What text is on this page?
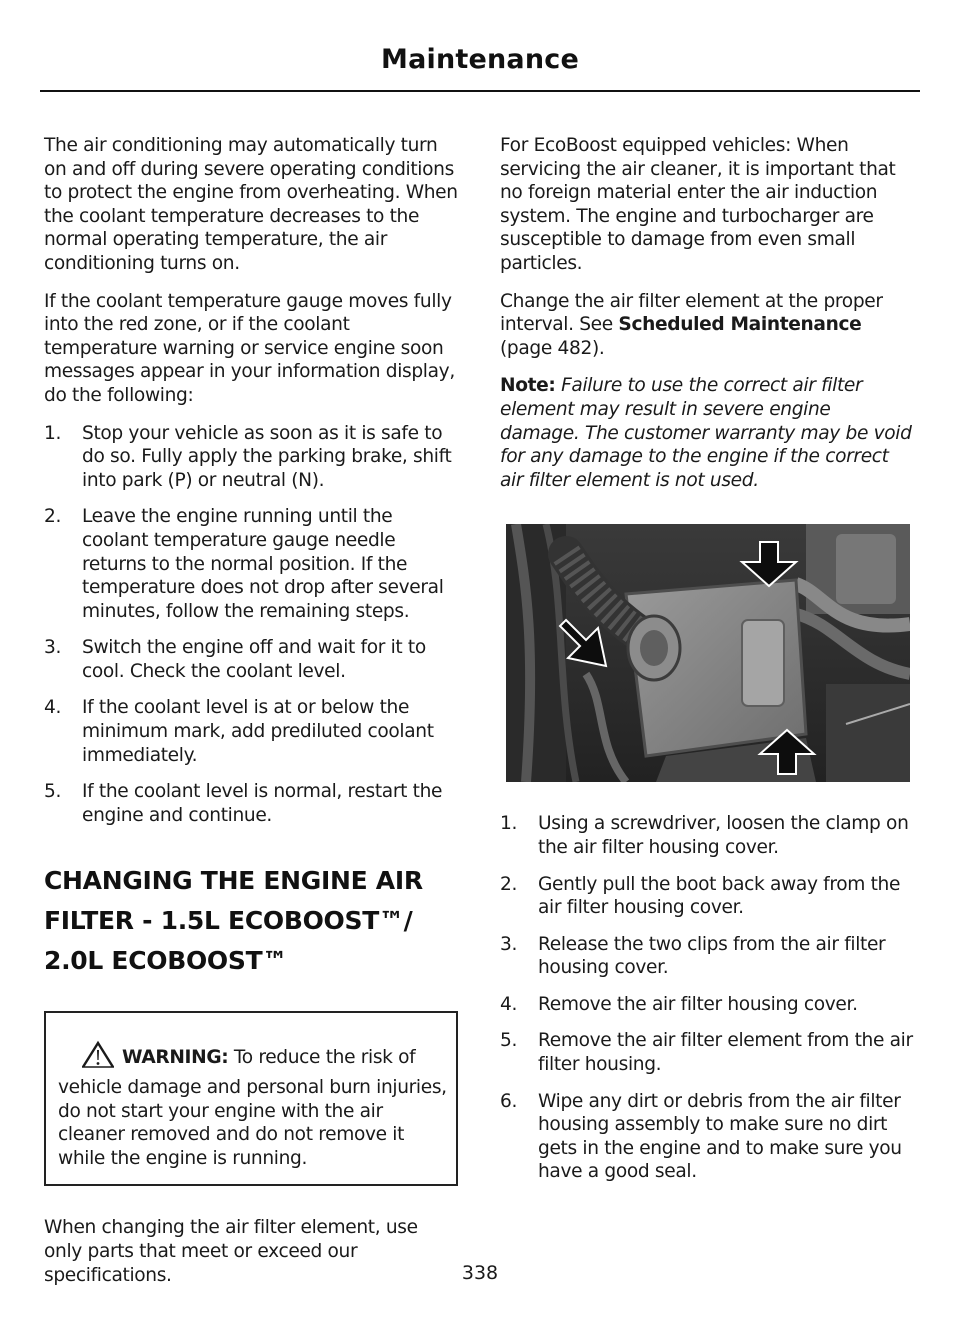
Maintenance

The air conditioning may automatically turn on and off during severe operating conditions to protect the engine from overheating. When the coolant temperature decreases to the normal operating temperature, the air conditioning turns on.

If the coolant temperature gauge moves fully into the red zone, or if the coolant temperature warning or service engine soon messages appear in your information display, do the following:

1. Stop your vehicle as soon as it is safe to do so. Fully apply the parking brake, shift into park (P) or neutral (N).
2. Leave the engine running until the coolant temperature gauge needle returns to the normal position. If the temperature does not drop after several minutes, follow the remaining steps.
3. Switch the engine off and wait for it to cool. Check the coolant level.
4. If the coolant level is at or below the minimum mark, add prediluted coolant immediately.
5. If the coolant level is normal, restart the engine and continue.
CHANGING THE ENGINE AIR FILTER - 1.5L ECOBOOST™/ 2.0L ECOBOOST™
WARNING: To reduce the risk of vehicle damage and personal burn injuries, do not start your engine with the air cleaner removed and do not remove it while the engine is running.

When changing the air filter element, use only parts that meet or exceed our specifications.

For EcoBoost equipped vehicles: When servicing the air cleaner, it is important that no foreign material enter the air induction system. The engine and turbocharger are susceptible to damage from even small particles.

Change the air filter element at the proper interval. See Scheduled Maintenance (page 482).

Note: Failure to use the correct air filter element may result in severe engine damage. The customer warranty may be void for any damage to the engine if the correct air filter element is not used.

1. Using a screwdriver, loosen the clamp on the air filter housing cover.
2. Gently pull the boot back away from the air filter housing cover.
3. Release the two clips from the air filter housing cover.
4. Remove the air filter housing cover.
5. Remove the air filter element from the air filter housing.
6. Wipe any dirt or debris from the air filter housing assembly to make sure no dirt gets in the engine and to make sure you have a good seal.
338
